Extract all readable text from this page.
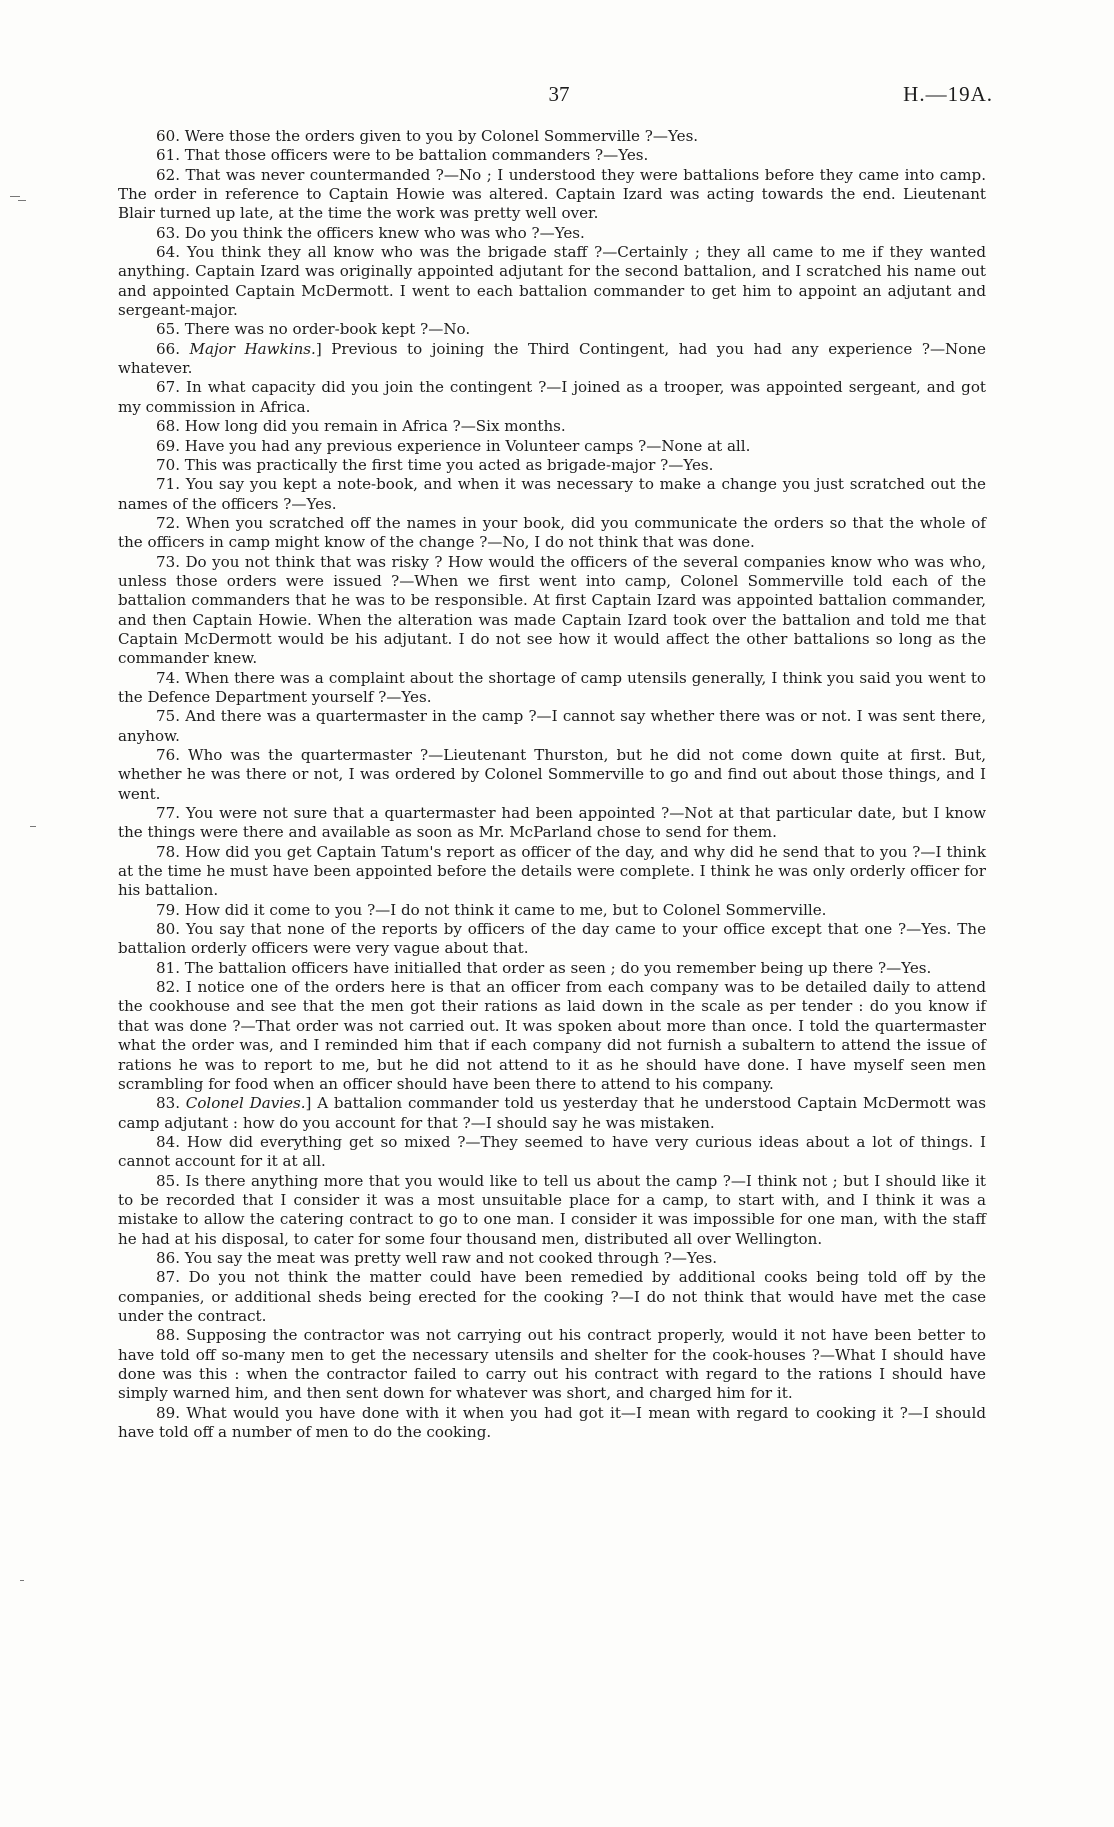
37	H.—19A.

60. Were those the orders given to you by Colonel Sommerville ?—Yes.

61. That those officers were to be battalion commanders ?—Yes.

62. That was never countermanded ?—No ; I understood they were battalions before they came into camp. The order in reference to Captain Howie was altered. Captain Izard was acting towards the end. Lieutenant Blair turned up late, at the time the work was pretty well over.

63. Do you think the officers knew who was who ?—Yes.

64. You think they all know who was the brigade staff ?—Certainly ; they all came to me if they wanted anything. Captain Izard was originally appointed adjutant for the second battalion, and I scratched his name out and appointed Captain McDermott. I went to each battalion commander to get him to appoint an adjutant and sergeant-major.

65. There was no order-book kept ?—No.

66. Major Hawkins.] Previous to joining the Third Contingent, had you had any experience ?—None whatever.

67. In what capacity did you join the contingent ?—I joined as a trooper, was appointed sergeant, and got my commission in Africa.

68. How long did you remain in Africa ?—Six months.

69. Have you had any previous experience in Volunteer camps ?—None at all.

70. This was practically the first time you acted as brigade-major ?—Yes.

71. You say you kept a note-book, and when it was necessary to make a change you just scratched out the names of the officers ?—Yes.

72. When you scratched off the names in your book, did you communicate the orders so that the whole of the officers in camp might know of the change ?—No, I do not think that was done.

73. Do you not think that was risky ? How would the officers of the several companies know who was who, unless those orders were issued ?—When we first went into camp, Colonel Sommerville told each of the battalion commanders that he was to be responsible. At first Captain Izard was appointed battalion commander, and then Captain Howie. When the alteration was made Captain Izard took over the battalion and told me that Captain McDermott would be his adjutant. I do not see how it would affect the other battalions so long as the commander knew.

74. When there was a complaint about the shortage of camp utensils generally, I think you said you went to the Defence Department yourself ?—Yes.

75. And there was a quartermaster in the camp ?—I cannot say whether there was or not. I was sent there, anyhow.

76. Who was the quartermaster ?—Lieutenant Thurston, but he did not come down quite at first. But, whether he was there or not, I was ordered by Colonel Sommerville to go and find out about those things, and I went.

77. You were not sure that a quartermaster had been appointed ?—Not at that particular date, but I know the things were there and available as soon as Mr. McParland chose to send for them.

78. How did you get Captain Tatum's report as officer of the day, and why did he send that to you ?—I think at the time he must have been appointed before the details were complete. I think he was only orderly officer for his battalion.

79. How did it come to you ?—I do not think it came to me, but to Colonel Sommerville.

80. You say that none of the reports by officers of the day came to your office except that one ?—Yes. The battalion orderly officers were very vague about that.

81. The battalion officers have initialled that order as seen ; do you remember being up there ?—Yes.

82. I notice one of the orders here is that an officer from each company was to be detailed daily to attend the cookhouse and see that the men got their rations as laid down in the scale as per tender : do you know if that was done ?—That order was not carried out. It was spoken about more than once. I told the quartermaster what the order was, and I reminded him that if each company did not furnish a subaltern to attend the issue of rations he was to report to me, but he did not attend to it as he should have done. I have myself seen men scrambling for food when an officer should have been there to attend to his company.

83. Colonel Davies.] A battalion commander told us yesterday that he understood Captain McDermott was camp adjutant : how do you account for that ?—I should say he was mistaken.

84. How did everything get so mixed ?—They seemed to have very curious ideas about a lot of things. I cannot account for it at all.

85. Is there anything more that you would like to tell us about the camp ?—I think not ; but I should like it to be recorded that I consider it was a most unsuitable place for a camp, to start with, and I think it was a mistake to allow the catering contract to go to one man. I consider it was impossible for one man, with the staff he had at his disposal, to cater for some four thousand men, distributed all over Wellington.

86. You say the meat was pretty well raw and not cooked through ?—Yes.

87. Do you not think the matter could have been remedied by additional cooks being told off by the companies, or additional sheds being erected for the cooking ?—I do not think that would have met the case under the contract.

88. Supposing the contractor was not carrying out his contract properly, would it not have been better to have told off so-many men to get the necessary utensils and shelter for the cook-houses ?—What I should have done was this : when the contractor failed to carry out his contract with regard to the rations I should have simply warned him, and then sent down for whatever was short, and charged him for it.

89. What would you have done with it when you had got it—I mean with regard to cooking it ?—I should have told off a number of men to do the cooking.
